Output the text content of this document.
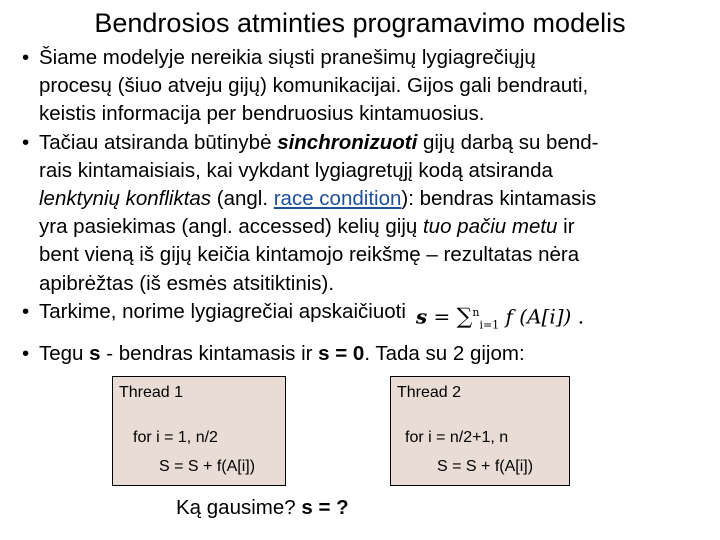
Bendrosios atminties programavimo modelis
• Šiame modelyje nereikia siųsti pranešimų lygiagrečiųjų
procesų (šiuo atveju gijų) komunikacijai. Gijos gali bendrauti,
keistis informacija per bendruosius kintamuosius.
• Tačiau atsiranda būtinybė sinchronizuoti gijų darbą su bend-
rais kintamaisiais, kai vykdant lygiagretųjį kodą atsiranda
lenktynių konfliktas (angl. race condition): bendras kintamasis
yra pasiekimas (angl. accessed) kelių gijų tuo pačiu metu ir
bent vieną iš gijų keičia kintamojo reikšmę – rezultatas nėra
apibrėžtas (iš esmės atsitiktinis).
• Tarkime, norime lygiagrečiai apskaičiuoti s = ∑$^n_{i=1}$ f (A[i]) .
• Tegu s - bendras kintamasis ir s = 0. Tada su 2 gijom:
Thread 1
for i = 1, n/2
S = S + f(A[i])
Thread 2
for i = n/2+1, n
S = S + f(A[i])
Ką gausime? s = ?
